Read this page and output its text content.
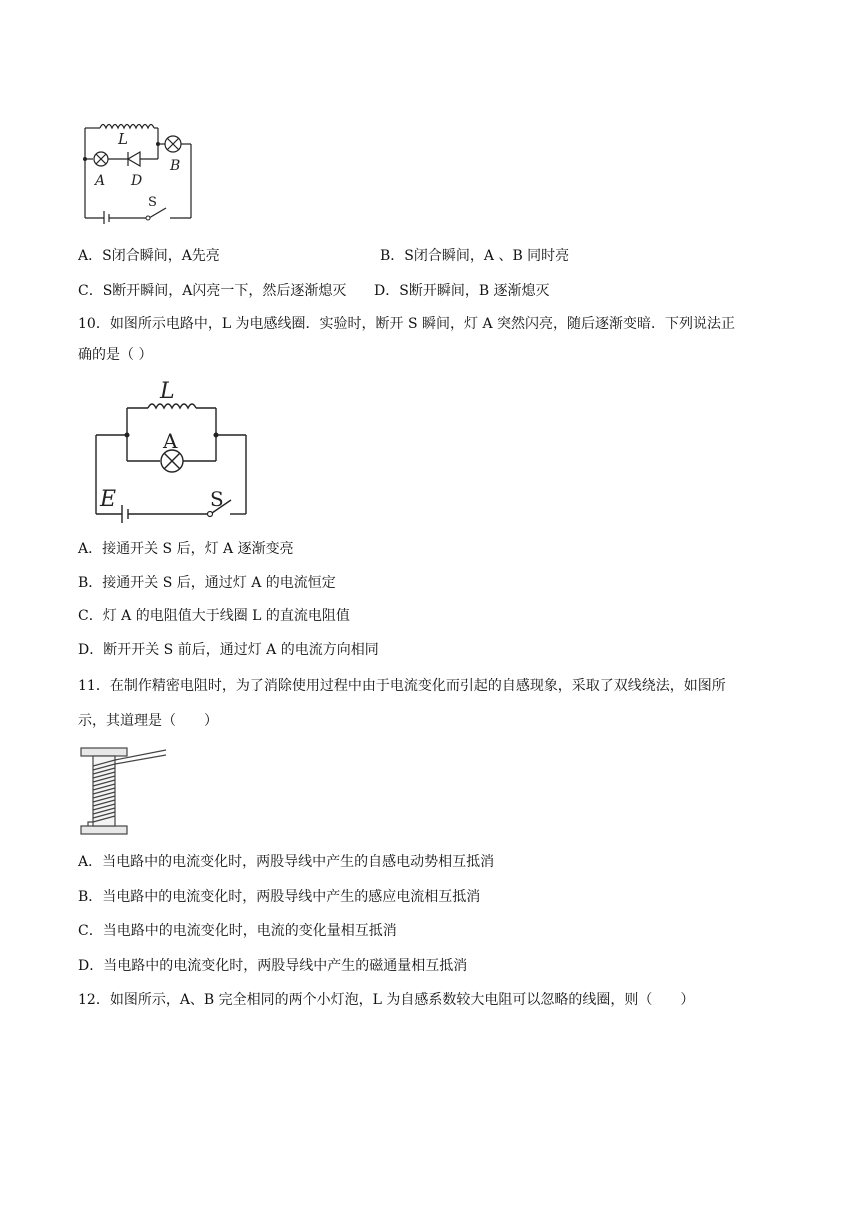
L
A D
B
S
A．S闭合瞬间，A先亮	B．S闭合瞬间，A 、B 同时亮
C．S断开瞬间，A闪亮一下，然后逐渐熄灭 D．S断开瞬间，B 逐渐熄灭
10．如图所示电路中，L 为电感线圈．实验时，断开 S 瞬间，灯 A 突然闪亮，随后逐渐变暗．下列说法正
确的是（ ）
L
A
E	S
A．接通开关 S 后，灯 A 逐渐变亮
B．接通开关 S 后，通过灯 A 的电流恒定
C．灯 A 的电阻值大于线圈 L 的直流电阻值
D．断开开关 S 前后，通过灯 A 的电流方向相同
11．在制作精密电阻时，为了消除使用过程中由于电流变化而引起的自感现象，采取了双线绕法，如图所
示，其道理是（　　）
A．当电路中的电流变化时，两股导线中产生的自感电动势相互抵消
B．当电路中的电流变化时，两股导线中产生的感应电流相互抵消
C．当电路中的电流变化时，电流的变化量相互抵消
D．当电路中的电流变化时，两股导线中产生的磁通量相互抵消
12．如图所示，A、B 完全相同的两个小灯泡，L 为自感系数较大电阻可以忽略的线圈，则（　　）
